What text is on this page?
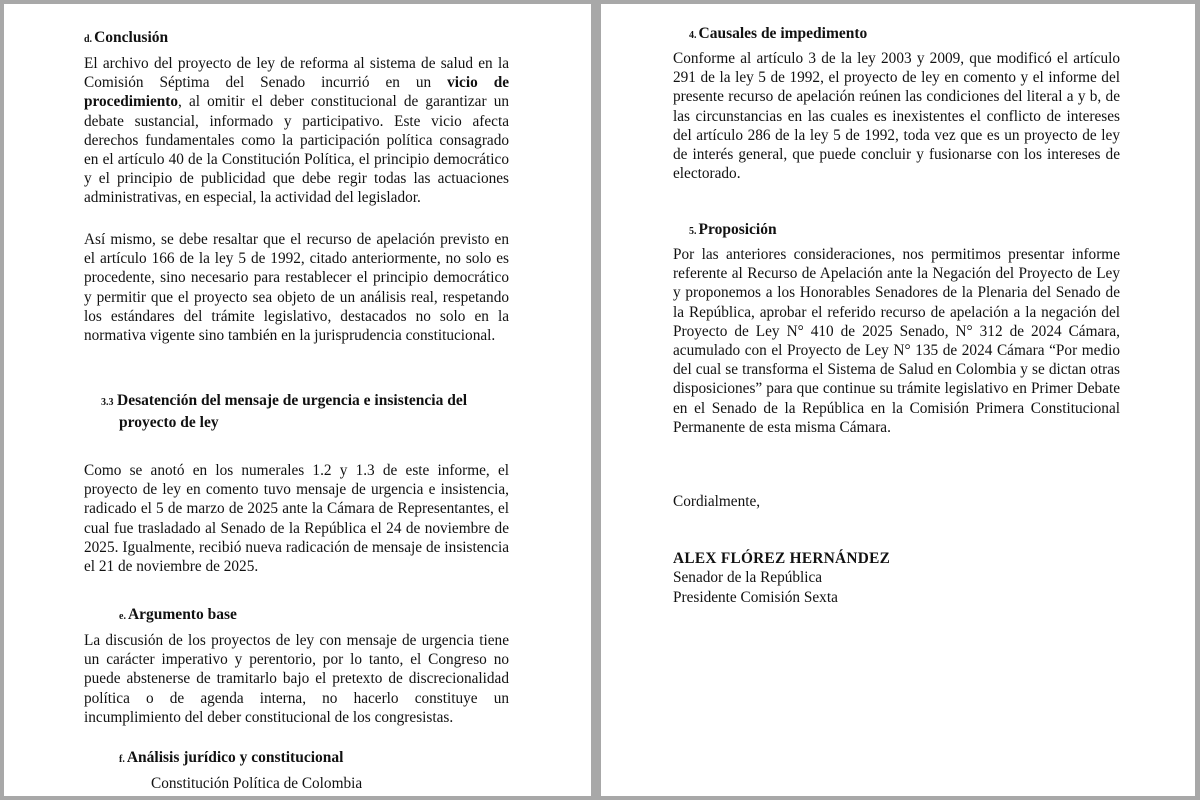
d. Conclusión

El archivo del proyecto de ley de reforma al sistema de salud en la Comisión Séptima del Senado incurrió en un vicio de procedimiento, al omitir el deber constitucional de garantizar un debate sustancial, informado y participativo. Este vicio afecta derechos fundamentales como la participación política consagrado en el artículo 40 de la Constitución Política, el principio democrático y el principio de publicidad que debe regir todas las actuaciones administrativas, en especial, la actividad del legislador.

Así mismo, se debe resaltar que el recurso de apelación previsto en el artículo 166 de la ley 5 de 1992, citado anteriormente, no solo es procedente, sino necesario para restablecer el principio democrático y permitir que el proyecto sea objeto de un análisis real, respetando los estándares del trámite legislativo, destacados no solo en la normativa vigente sino también en la jurisprudencia constitucional.

3.3 Desatención del mensaje de urgencia e insistencia del proyecto de ley

Como se anotó en los numerales 1.2 y 1.3 de este informe, el proyecto de ley en comento tuvo mensaje de urgencia e insistencia, radicado el 5 de marzo de 2025 ante la Cámara de Representantes, el cual fue trasladado al Senado de la República el 24 de noviembre de 2025. Igualmente, recibió nueva radicación de mensaje de insistencia el 21 de noviembre de 2025.

e. Argumento base

La discusión de los proyectos de ley con mensaje de urgencia tiene un carácter imperativo y perentorio, por lo tanto, el Congreso no puede abstenerse de tramitarlo bajo el pretexto de discrecionalidad política o de agenda interna, no hacerlo constituye un incumplimiento del deber constitucional de los congresistas.

f. Análisis jurídico y constitucional
Constitución Política de Colombia
4. Causales de impedimento

Conforme al artículo 3 de la ley 2003 y 2009, que modificó el artículo 291 de la ley 5 de 1992, el proyecto de ley en comento y el informe del presente recurso de apelación reúnen las condiciones del literal a y b, de las circunstancias en las cuales es inexistentes el conflicto de intereses del artículo 286 de la ley 5 de 1992, toda vez que es un proyecto de ley de interés general, que puede concluir y fusionarse con los intereses de electorado.

5. Proposición

Por las anteriores consideraciones, nos permitimos presentar informe referente al Recurso de Apelación ante la Negación del Proyecto de Ley y proponemos a los Honorables Senadores de la Plenaria del Senado de la República, aprobar el referido recurso de apelación a la negación del Proyecto de Ley N° 410 de 2025 Senado, N° 312 de 2024 Cámara, acumulado con el Proyecto de Ley N° 135 de 2024 Cámara “Por medio del cual se transforma el Sistema de Salud en Colombia y se dictan otras disposiciones” para que continue su trámite legislativo en Primer Debate en el Senado de la República en la Comisión Primera Constitucional Permanente de esta misma Cámara.

Cordialmente,
ALEX FLÓREZ HERNÁNDEZ
Senador de la República
Presidente Comisión Sexta
